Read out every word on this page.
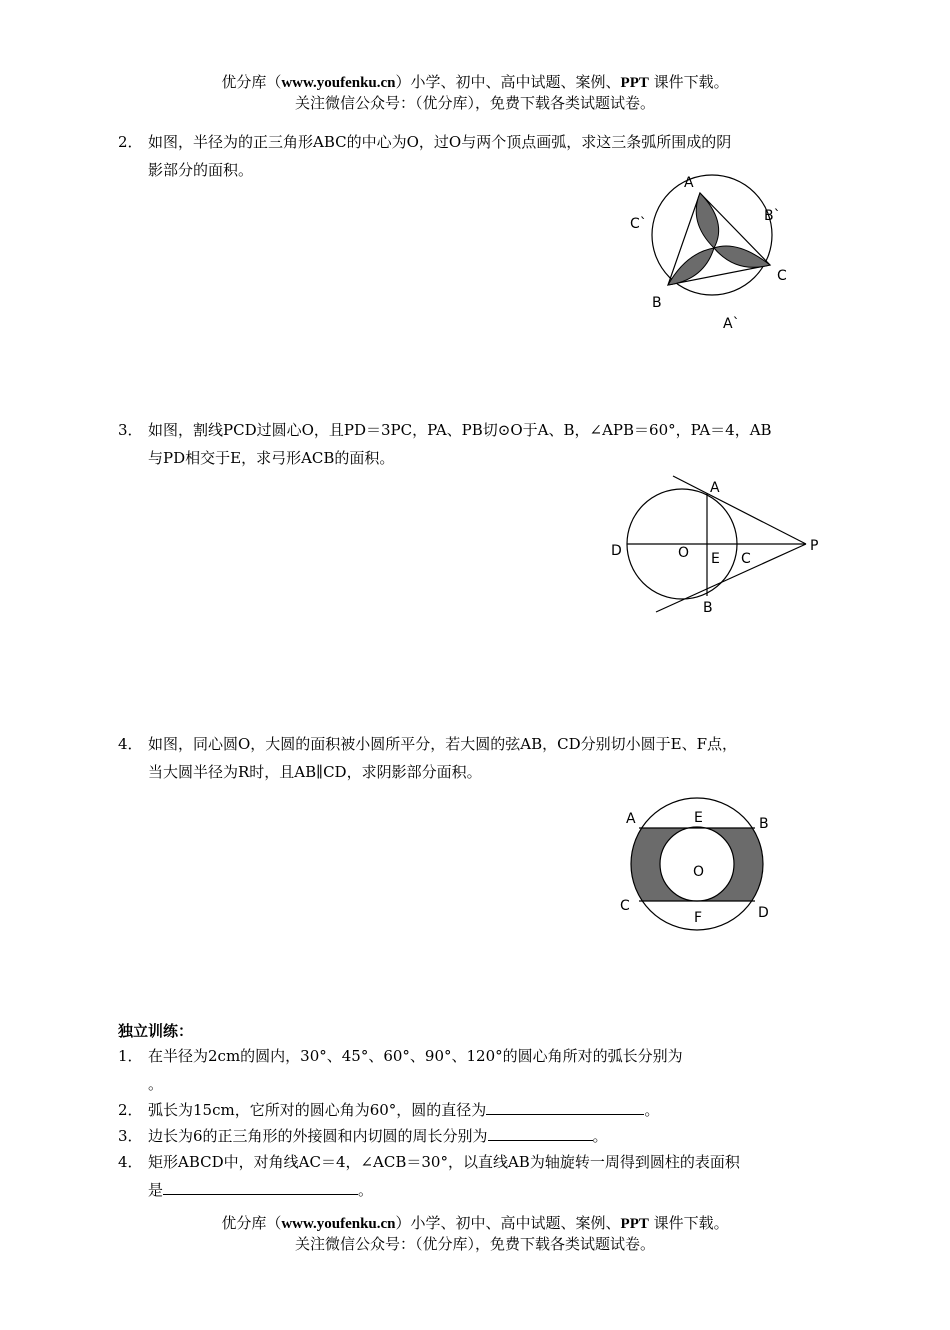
优分库（www.youfenku.cn）小学、初中、高中试题、案例、PPT 课件下载。
关注微信公众号：（优分库），免费下载各类试题试卷。
2． 如图，半径为的正三角形ABC的中心为O，过O与两个顶点画弧，求这三条弧所围成的阴
影部分的面积。
A
B
C
A`
B`
C`
3． 如图，割线PCD过圆心O，且PD＝3PC，PA、PB切⊙O于A、B，∠APB＝60°，PA＝4，AB
与PD相交于E，求弓形ACB的面积。
A
B
C
D	E
O	P
4． 如图，同心圆O，大圆的面积被小圆所平分，若大圆的弦AB，CD分别切小圆于E、F点，
当大圆半径为R时，且AB∥CD，求阴影部分面积。
A	B
C	D
E
F
O
独立训练：
1． 在半径为2cm的圆内，30°、45°、60°、90°、120°的圆心角所对的弧长分别为
。
2． 弧长为15cm，它所对的圆心角为60°，圆的直径为	。
3． 边长为6的正三角形的外接圆和内切圆的周长分别为	。
4． 矩形ABCD中，对角线AC＝4，∠ACB＝30°，以直线AB为轴旋转一周得到圆柱的表面积
是	。
优分库（www.youfenku.cn）小学、初中、高中试题、案例、PPT 课件下载。
关注微信公众号：（优分库），免费下载各类试题试卷。
